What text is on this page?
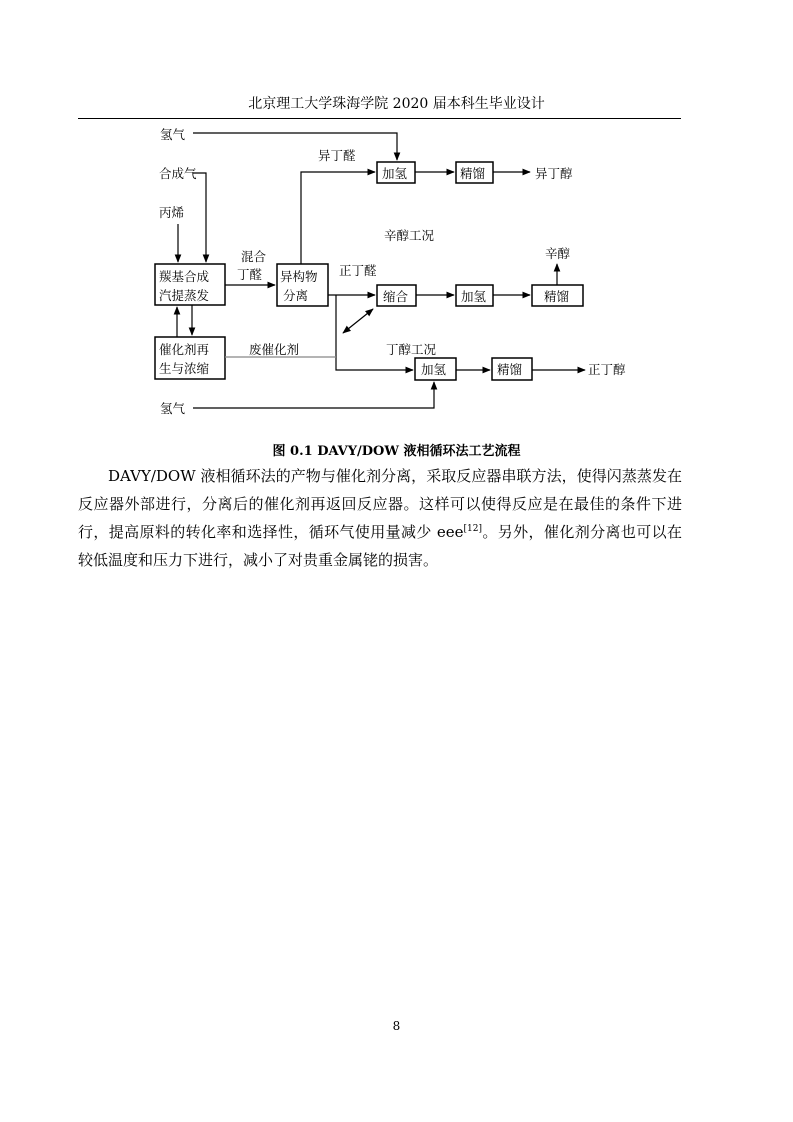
北京理工大学珠海学院 2020 届本科生毕业设计
羰基合成
汽提蒸发
异构物
分离
催化剂再
生与浓缩
加氢	精馏
缩合	加氢	精馏
加氢	精馏
氢气
合成气
丙烯
混合
丁醛
异丁醛
异丁醇
辛醇工况
辛醇
正丁醛
废催化剂	丁醇工况
正丁醇
氢气
图 0.1 DAVY/DOW 液相循环法工艺流程

DAVY/DOW 液相循环法的产物与催化剂分离，采取反应器串联方法，使得闪蒸蒸发在反应器外部进行，分离后的催化剂再返回反应器。这样可以使得反应是在最佳的条件下进行，提高原料的转化率和选择性，循环气使用量减少 eee[12]。另外，催化剂分离也可以在较低温度和压力下进行，减小了对贵重金属铑的损害。

8
